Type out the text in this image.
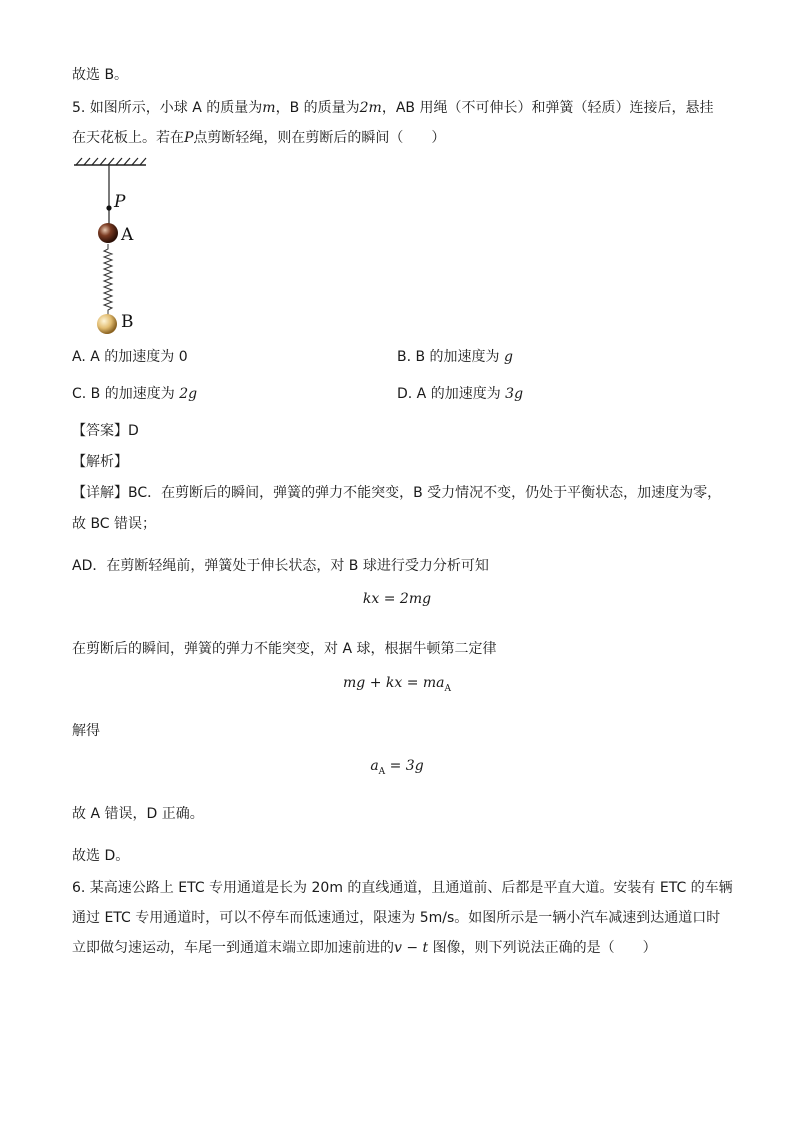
故选 B。
5. 如图所示，小球 A 的质量为m，B 的质量为2m，AB 用绳（不可伸长）和弹簧（轻质）连接后，悬挂
在天花板上。若在P点剪断轻绳，则在剪断后的瞬间（　　）
P
A
B
A. A 的加速度为 0	B. B 的加速度为 g
C. B 的加速度为 2g	D. A 的加速度为 3g
【答案】D
【解析】
【详解】BC．在剪断后的瞬间，弹簧的弹力不能突变，B 受力情况不变，仍处于平衡状态，加速度为零，
故 BC 错误；
AD．在剪断轻绳前，弹簧处于伸长状态，对 B 球进行受力分析可知
kx = 2mg
在剪断后的瞬间，弹簧的弹力不能突变，对 A 球，根据牛顿第二定律
mg + kx = $ma_A$
解得
$a_A = 3g$
故 A 错误，D 正确。
故选 D。
6. 某高速公路上 ETC 专用通道是长为 20m 的直线通道，且通道前、后都是平直大道。安装有 ETC 的车辆
通过 ETC 专用通道时，可以不停车而低速通过，限速为 5m/s。如图所示是一辆小汽车减速到达通道口时
立即做匀速运动，车尾一到通道末端立即加速前进的v − t 图像，则下列说法正确的是（　　）
